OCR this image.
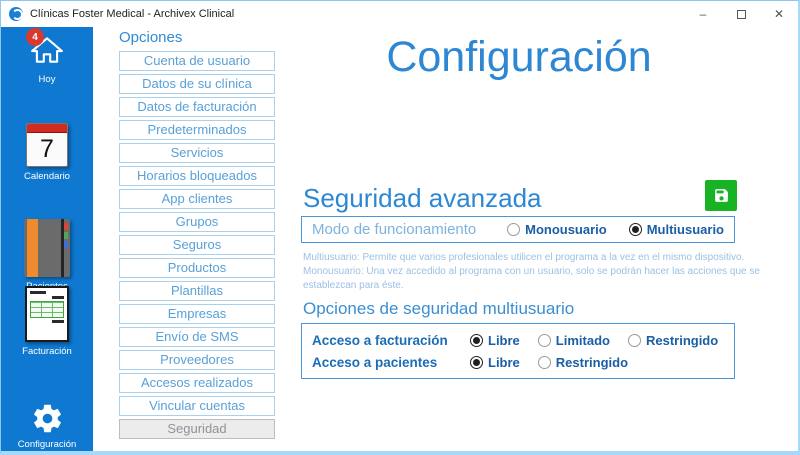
Clínicas Foster Medical - Archivex Clinical	–	✕
4
Hoy
7
Calendario
Facturación
Configuración
Opciones
Cuenta de usuario
Datos de su clínica
Datos de facturación
Predeterminados
Servicios
Horarios bloqueados
App clientes
Grupos
Seguros
Productos
Plantillas
Empresas
Envío de SMS
Proveedores
Accesos realizados
Vincular cuentas
Seguridad
Configuración
Seguridad avanzada
Modo de funcionamiento	Monousuario	Multiusuario
Multiusuario: Permite que varios profesionales utilicen el programa a la vez en el mismo dispositivo.
Monousuario: Una vez accedido al programa con un usuario, solo se podrán hacer las acciones que se
establezcan para éste.
Opciones de seguridad multiusuario
Acceso a facturación	Libre	Limitado	Restringido
Acceso a pacientes	Libre	Restringido
